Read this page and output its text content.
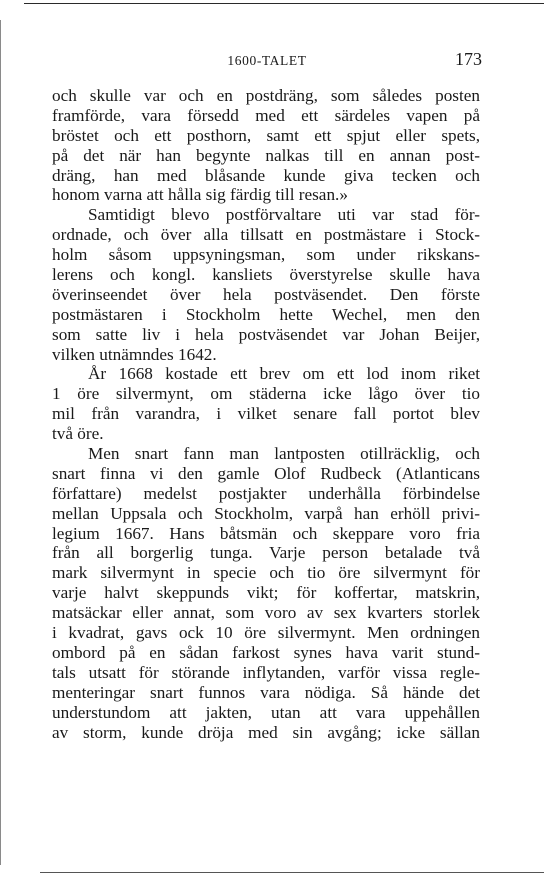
1600-TALET	173
och skulle var och en postdräng, som således posten
framförde, vara försedd med ett särdeles vapen på
bröstet och ett posthorn, samt ett spjut eller spets,
på det när han begynte nalkas till en annan post-
dräng, han med blåsande kunde giva tecken och
honom varna att hålla sig färdig till resan.»
Samtidigt blevo postförvaltare uti var stad för-
ordnade, och över alla tillsatt en postmästare i Stock-
holm såsom uppsyningsman, som under rikskans-
lerens och kongl. kansliets överstyrelse skulle hava
överinseendet över hela postväsendet. Den förste
postmästaren i Stockholm hette Wechel, men den
som satte liv i hela postväsendet var Johan Beijer,
vilken utnämndes 1642.
År 1668 kostade ett brev om ett lod inom riket
1 öre silvermynt, om städerna icke lågo över tio
mil från varandra, i vilket senare fall portot blev
två öre.
Men snart fann man lantposten otillräcklig, och
snart finna vi den gamle Olof Rudbeck (Atlanticans
författare) medelst postjakter underhålla förbindelse
mellan Uppsala och Stockholm, varpå han erhöll privi-
legium 1667. Hans båtsmän och skeppare voro fria
från all borgerlig tunga. Varje person betalade två
mark silvermynt in specie och tio öre silvermynt för
varje halvt skeppunds vikt; för koffertar, matskrin,
matsäckar eller annat, som voro av sex kvarters storlek
i kvadrat, gavs ock 10 öre silvermynt. Men ordningen
ombord på en sådan farkost synes hava varit stund-
tals utsatt för störande inflytanden, varför vissa regle-
menteringar snart funnos vara nödiga. Så hände det
understundom att jakten, utan att vara uppehållen
av storm, kunde dröja med sin avgång; icke sällan
